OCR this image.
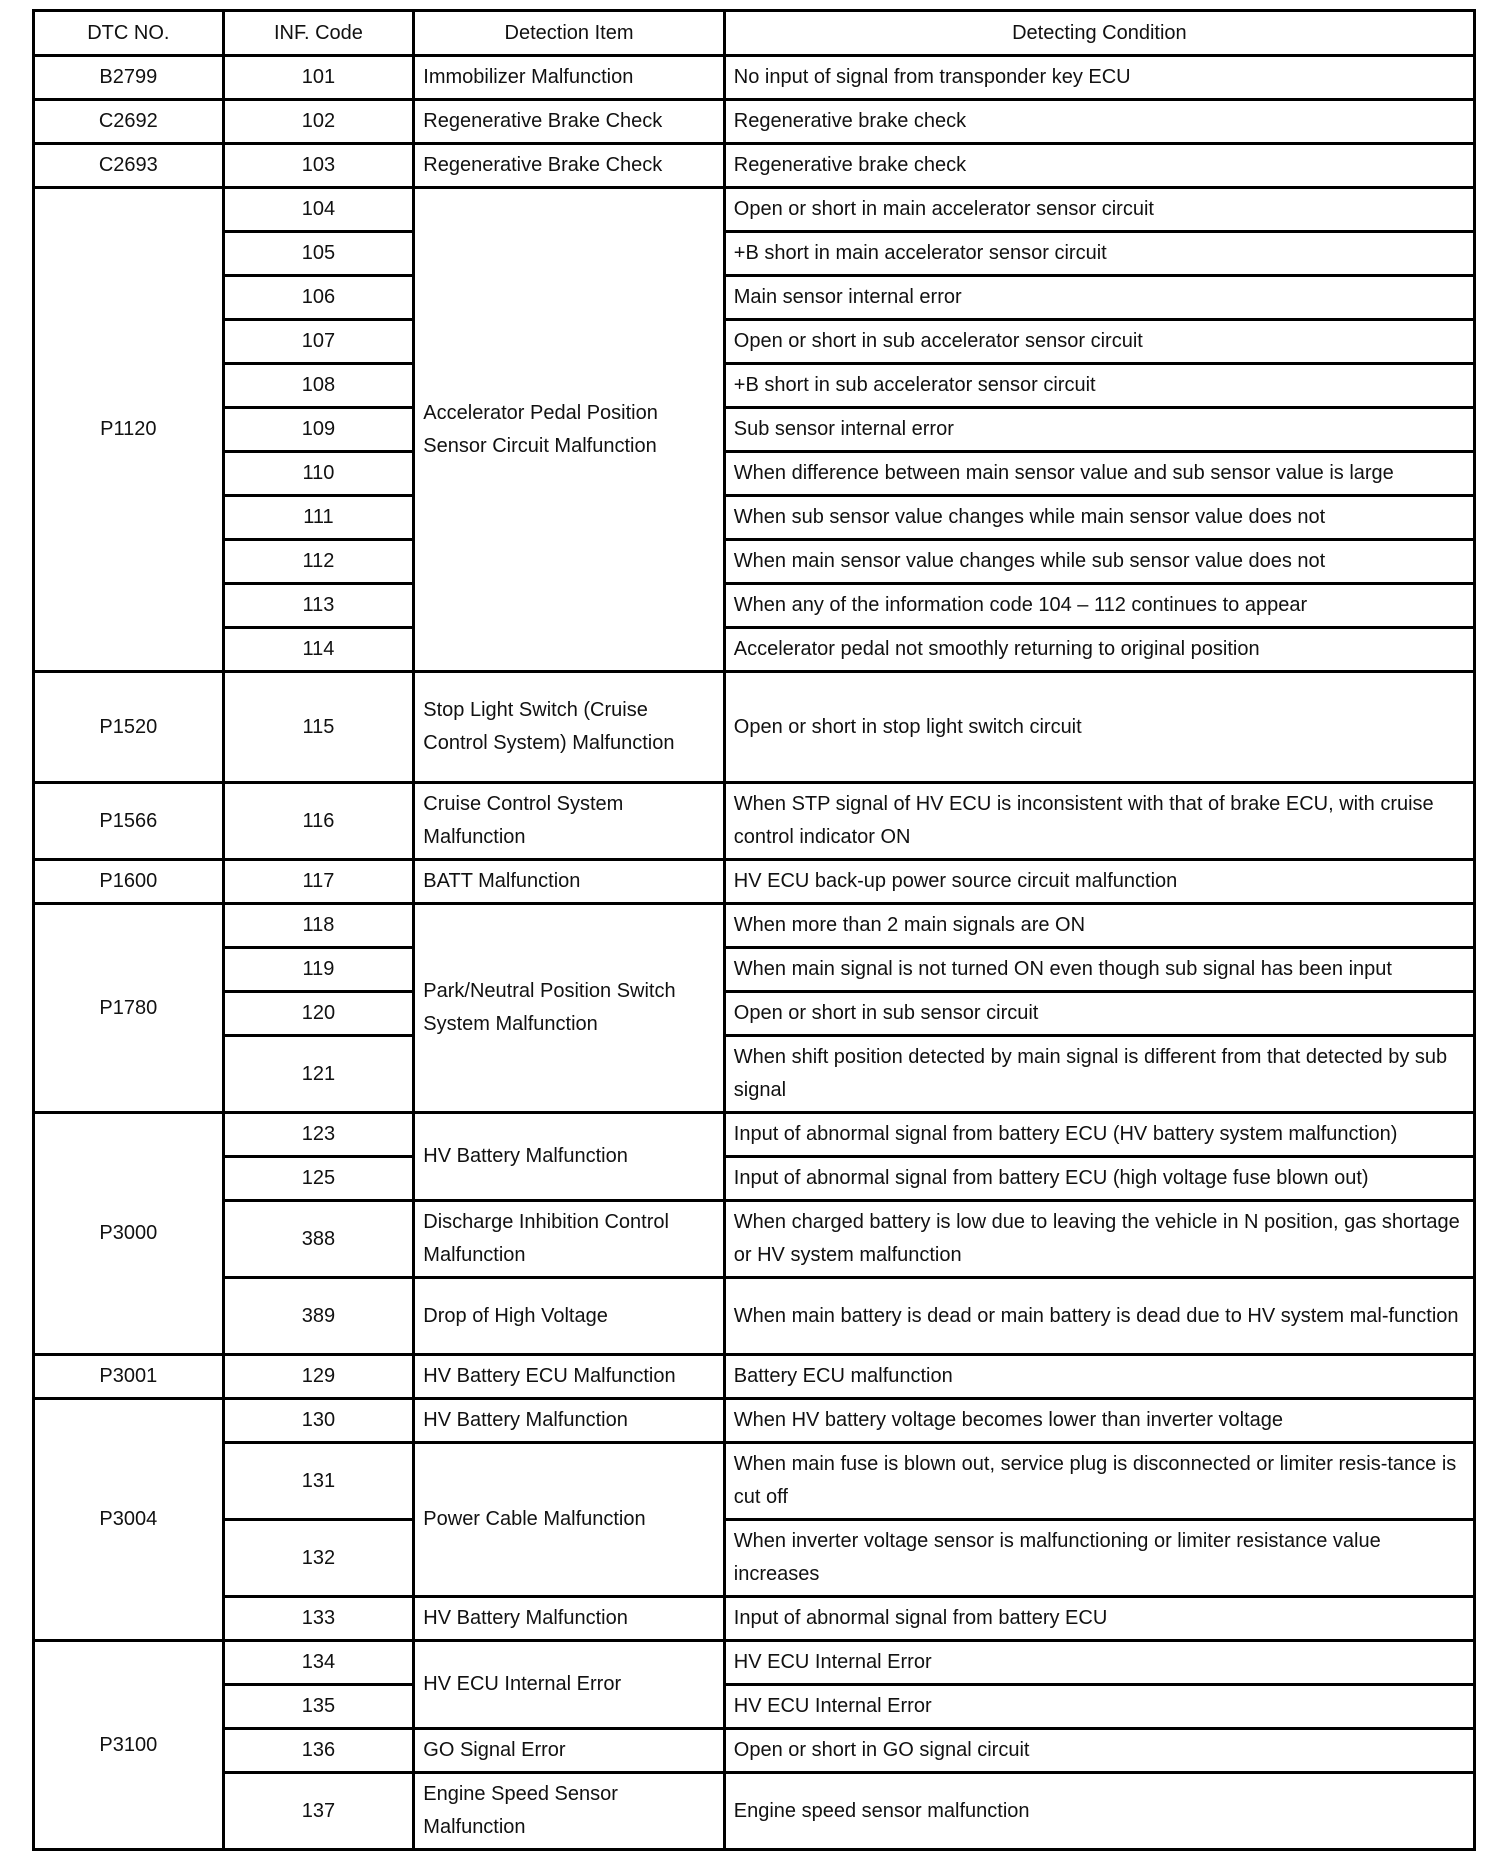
DTC NO.	INF. Code	Detection Item	Detecting Condition
B2799	101	Immobilizer Malfunction	No input of signal from transponder key ECU
C2692	102	Regenerative Brake Check	Regenerative brake check
C2693	103	Regenerative Brake Check	Regenerative brake check
P1120	104	Accelerator Pedal Position Sensor Circuit Malfunction	Open or short in main accelerator sensor circuit
	105		+B short in main accelerator sensor circuit
	106		Main sensor internal error
	107		Open or short in sub accelerator sensor circuit
	108		+B short in sub accelerator sensor circuit
	109		Sub sensor internal error
	110		When difference between main sensor value and sub sensor value is large
	111		When sub sensor value changes while main sensor value does not
	112		When main sensor value changes while sub sensor value does not
	113		When any of the information code 104 – 112 continues to appear
	114		Accelerator pedal not smoothly returning to original position
P1520	115	Stop Light Switch (Cruise Control System) Malfunction	Open or short in stop light switch circuit
P1566	116	Cruise Control System Malfunction	When STP signal of HV ECU is inconsistent with that of brake ECU, with cruise control indicator ON
P1600	117	BATT Malfunction	HV ECU back-up power source circuit malfunction
P1780	118	Park/Neutral Position Switch System Malfunction	When more than 2 main signals are ON
	119		When main signal is not turned ON even though sub signal has been input
	120		Open or short in sub sensor circuit
	121		When shift position detected by main signal is different from that detected by sub signal
P3000	123	HV Battery Malfunction	Input of abnormal signal from battery ECU (HV battery system malfunction)
	125		Input of abnormal signal from battery ECU (high voltage fuse blown out)
	388	Discharge Inhibition Control Malfunction	When charged battery is low due to leaving the vehicle in N position, gas shortage or HV system malfunction
	389	Drop of High Voltage	When main battery is dead or main battery is dead due to HV system mal-function
P3001	129	HV Battery ECU Malfunction	Battery ECU malfunction
P3004	130	HV Battery Malfunction	When HV battery voltage becomes lower than inverter voltage
	131	Power Cable Malfunction	When main fuse is blown out, service plug is disconnected or limiter resis-tance is cut off
	132		When inverter voltage sensor is malfunctioning or limiter resistance value increases
	133	HV Battery Malfunction	Input of abnormal signal from battery ECU
P3100	134	HV ECU Internal Error	HV ECU Internal Error
	135		HV ECU Internal Error
	136	GO Signal Error	Open or short in GO signal circuit
	137	Engine Speed Sensor Malfunction	Engine speed sensor malfunction
